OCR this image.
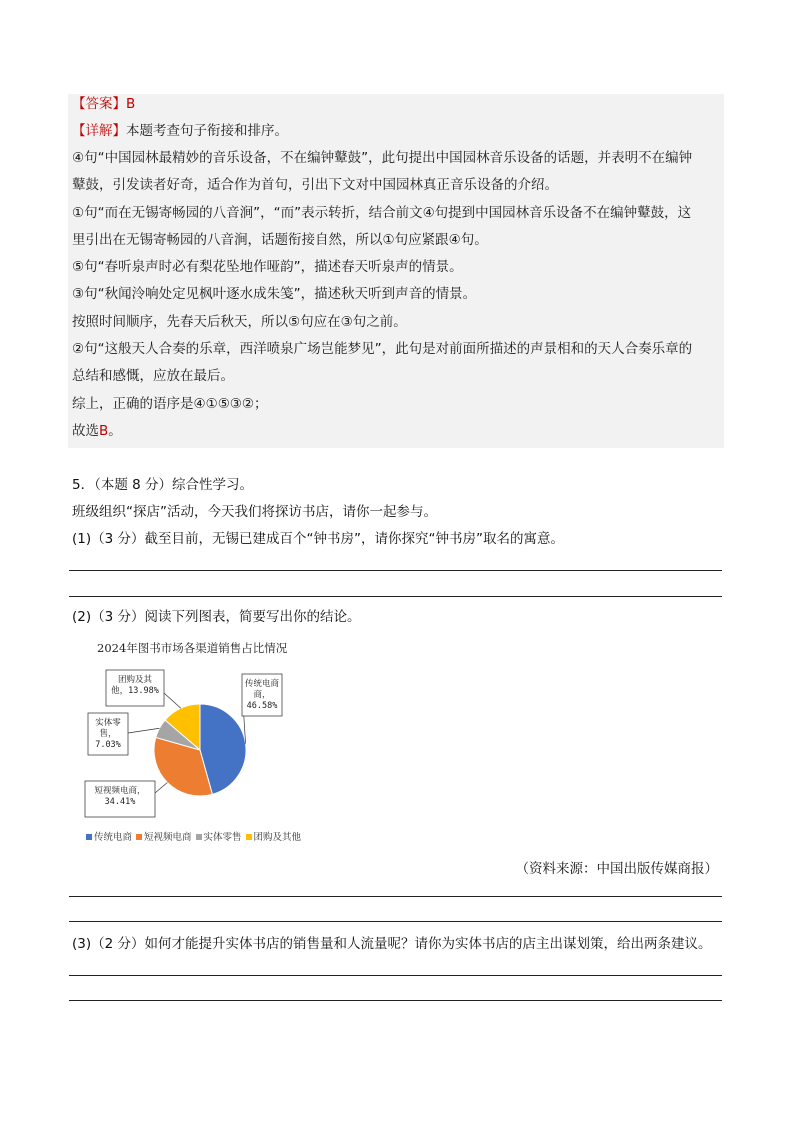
【答案】B
【详解】本题考查句子衔接和排序。
④句“中国园林最精妙的音乐设备，不在编钟鼙鼓”，此句提出中国园林音乐设备的话题，并表明不在编钟
鼙鼓，引发读者好奇，适合作为首句，引出下文对中国园林真正音乐设备的介绍。
①句“而在无锡寄畅园的八音涧”，“而”表示转折，结合前文④句提到中国园林音乐设备不在编钟鼙鼓，这
里引出在无锡寄畅园的八音涧，话题衔接自然，所以①句应紧跟④句。
⑤句“春听泉声时必有梨花坠地作哑韵”，描述春天听泉声的情景。
③句“秋闻泠响处定见枫叶逐水成朱笺”，描述秋天听到声音的情景。
按照时间顺序，先春天后秋天，所以⑤句应在③句之前。
②句“这般天人合奏的乐章，西洋喷泉广场岂能梦见”，此句是对前面所描述的声景相和的天人合奏乐章的
总结和感慨，应放在最后。
综上，正确的语序是④①⑤③②；
故选B。
5．（本题 8 分）综合性学习。
班级组织“探店”活动，今天我们将探访书店，请你一起参与。
(1)（3 分）截至目前，无锡已建成百个“钟书房”，请你探究“钟书房”取名的寓意。
(2)（3 分）阅读下列图表，简要写出你的结论。
2024年图书市场各渠道销售占比情况
传统电商
商，
46.58%
短视频电商，
34.41%
实体零
售，
7.03%
团购及其
他，13.98%
传统电商	短视频电商	实体零售	团购及其他
（资料来源：中国出版传媒商报）
(3)（2 分）如何才能提升实体书店的销售量和人流量呢？请你为实体书店的店主出谋划策，给出两条建议。
